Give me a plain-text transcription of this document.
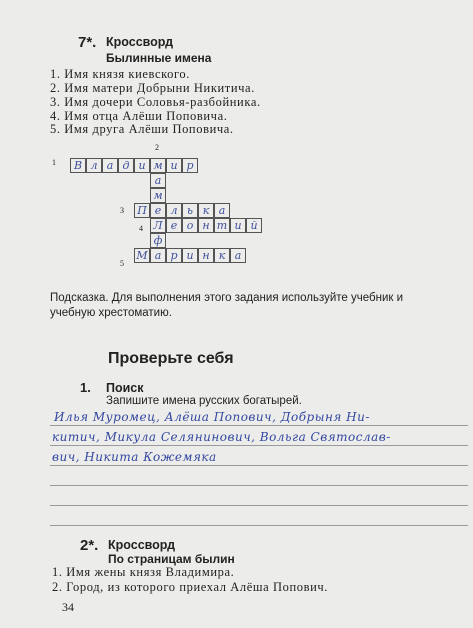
7*. Кроссворд
Былинные имена
1. Имя князя киевского.
2. Имя матери Добрыни Никитича.
3. Имя дочери Соловья-разбойника.
4. Имя отца Алёши Поповича.
5. Имя друга Алёши Поповича.
1
2
3
4
5
В л а д и м и р
П е л ь к а
Л е о н т и й
М а р и н к а
а
м
ф
Подсказка. Для выполнения этого задания используйте учебник и учебную хрестоматию.
Проверьте себя
1. Поиск
Запишите имена русских богатырей.
Илья Муромец, Алёша Попович, Добрыня Ни-
китич, Микула Селянинович, Вольга Святослав-
вич, Никита Кожемяка
2*. Кроссворд
По страницам былин
1. Имя жены князя Владимира.
2. Город, из которого приехал Алёша Попович.
34
